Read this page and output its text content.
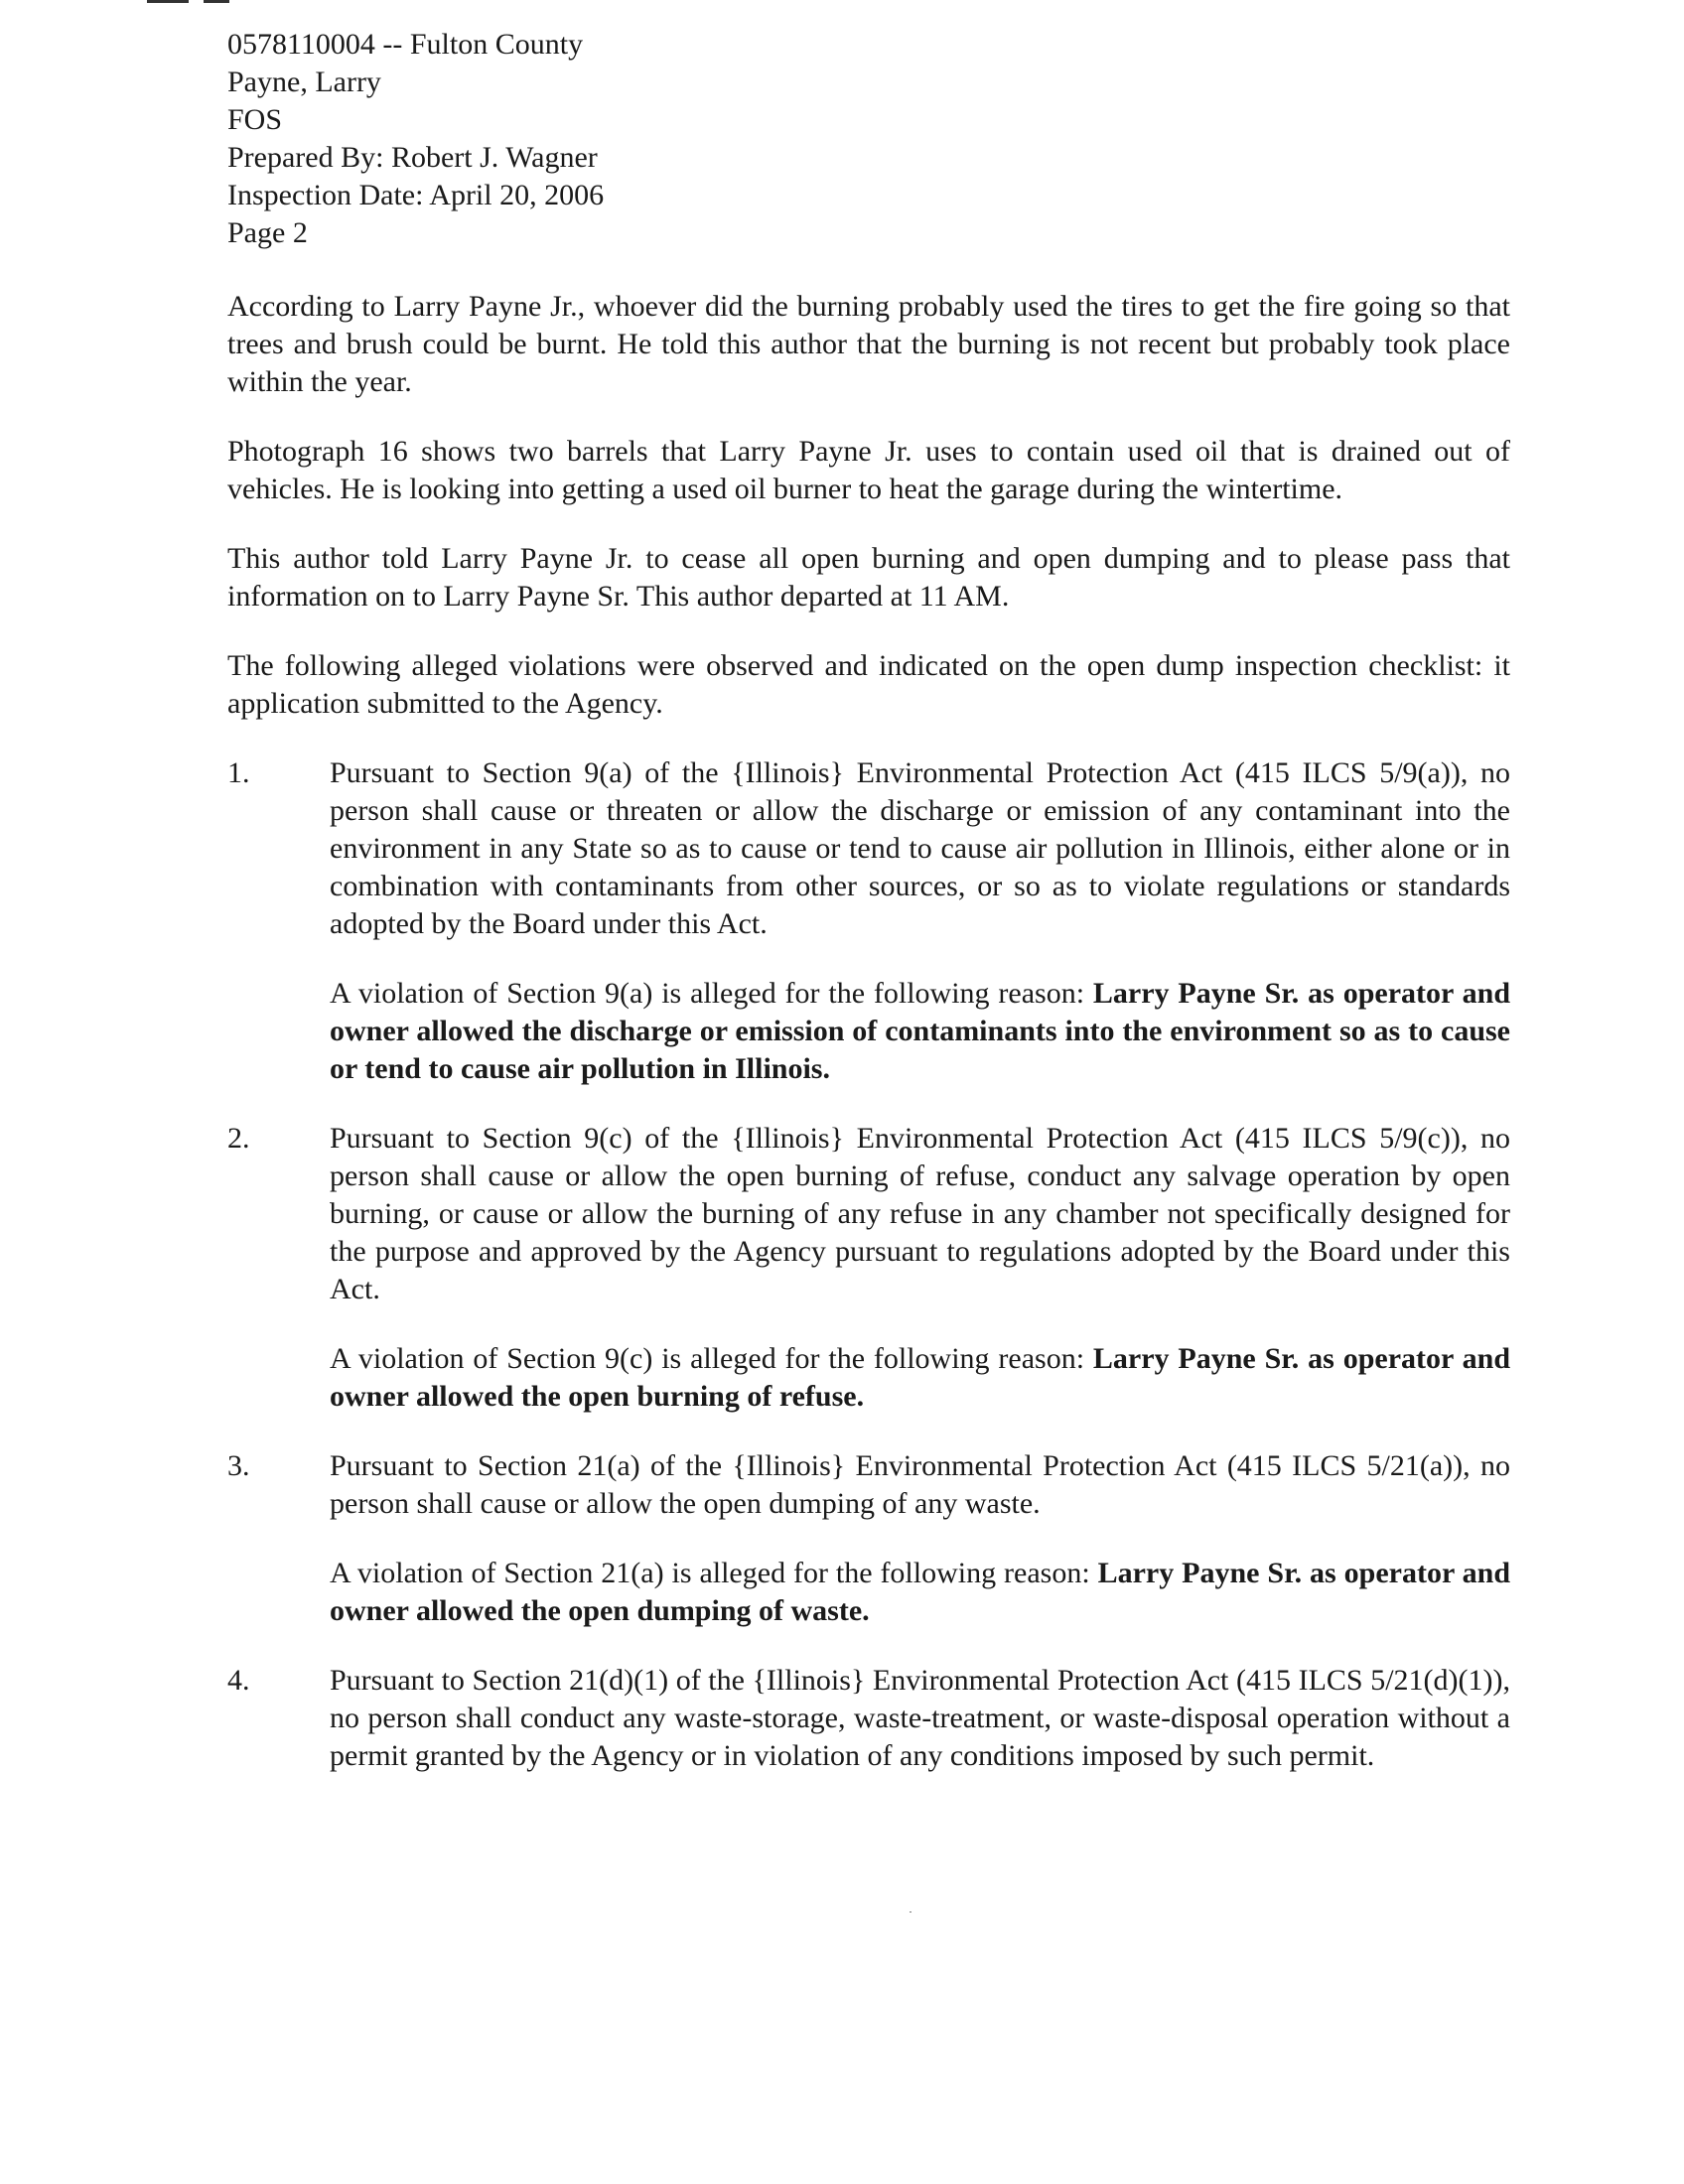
0578110004 -- Fulton County

Payne, Larry

FOS

Prepared By: Robert J. Wagner

Inspection Date: April 20, 2006

Page 2

According to Larry Payne Jr., whoever did the burning probably used the tires to get the fire going so that trees and brush could be burnt. He told this author that the burning is not recent but probably took place within the year.

Photograph 16 shows two barrels that Larry Payne Jr. uses to contain used oil that is drained out of vehicles. He is looking into getting a used oil burner to heat the garage during the wintertime.

This author told Larry Payne Jr. to cease all open burning and open dumping and to please pass that information on to Larry Payne Sr. This author departed at 11 AM.

The following alleged violations were observed and indicated on the open dump inspection checklist: it application submitted to the Agency.

1.	Pursuant to Section 9(a) of the {Illinois} Environmental Protection Act (415 ILCS 5/9(a)), no person shall cause or threaten or allow the discharge or emission of any contaminant into the environment in any State so as to cause or tend to cause air pollution in Illinois, either alone or in combination with contaminants from other sources, or so as to violate regulations or standards adopted by the Board under this Act.

A violation of Section 9(a) is alleged for the following reason: Larry Payne Sr. as operator and owner allowed the discharge or emission of contaminants into the environment so as to cause or tend to cause air pollution in Illinois.

2.	Pursuant to Section 9(c) of the {Illinois} Environmental Protection Act (415 ILCS 5/9(c)), no person shall cause or allow the open burning of refuse, conduct any salvage operation by open burning, or cause or allow the burning of any refuse in any chamber not specifically designed for the purpose and approved by the Agency pursuant to regulations adopted by the Board under this Act.

A violation of Section 9(c) is alleged for the following reason: Larry Payne Sr. as operator and owner allowed the open burning of refuse.

3.	Pursuant to Section 21(a) of the {Illinois} Environmental Protection Act (415 ILCS 5/21(a)), no person shall cause or allow the open dumping of any waste.

A violation of Section 21(a) is alleged for the following reason: Larry Payne Sr. as operator and owner allowed the open dumping of waste.

4.	Pursuant to Section 21(d)(1) of the {Illinois} Environmental Protection Act (415 ILCS 5/21(d)(1)), no person shall conduct any waste-storage, waste-treatment, or waste-disposal operation without a permit granted by the Agency or in violation of any conditions imposed by such permit.
